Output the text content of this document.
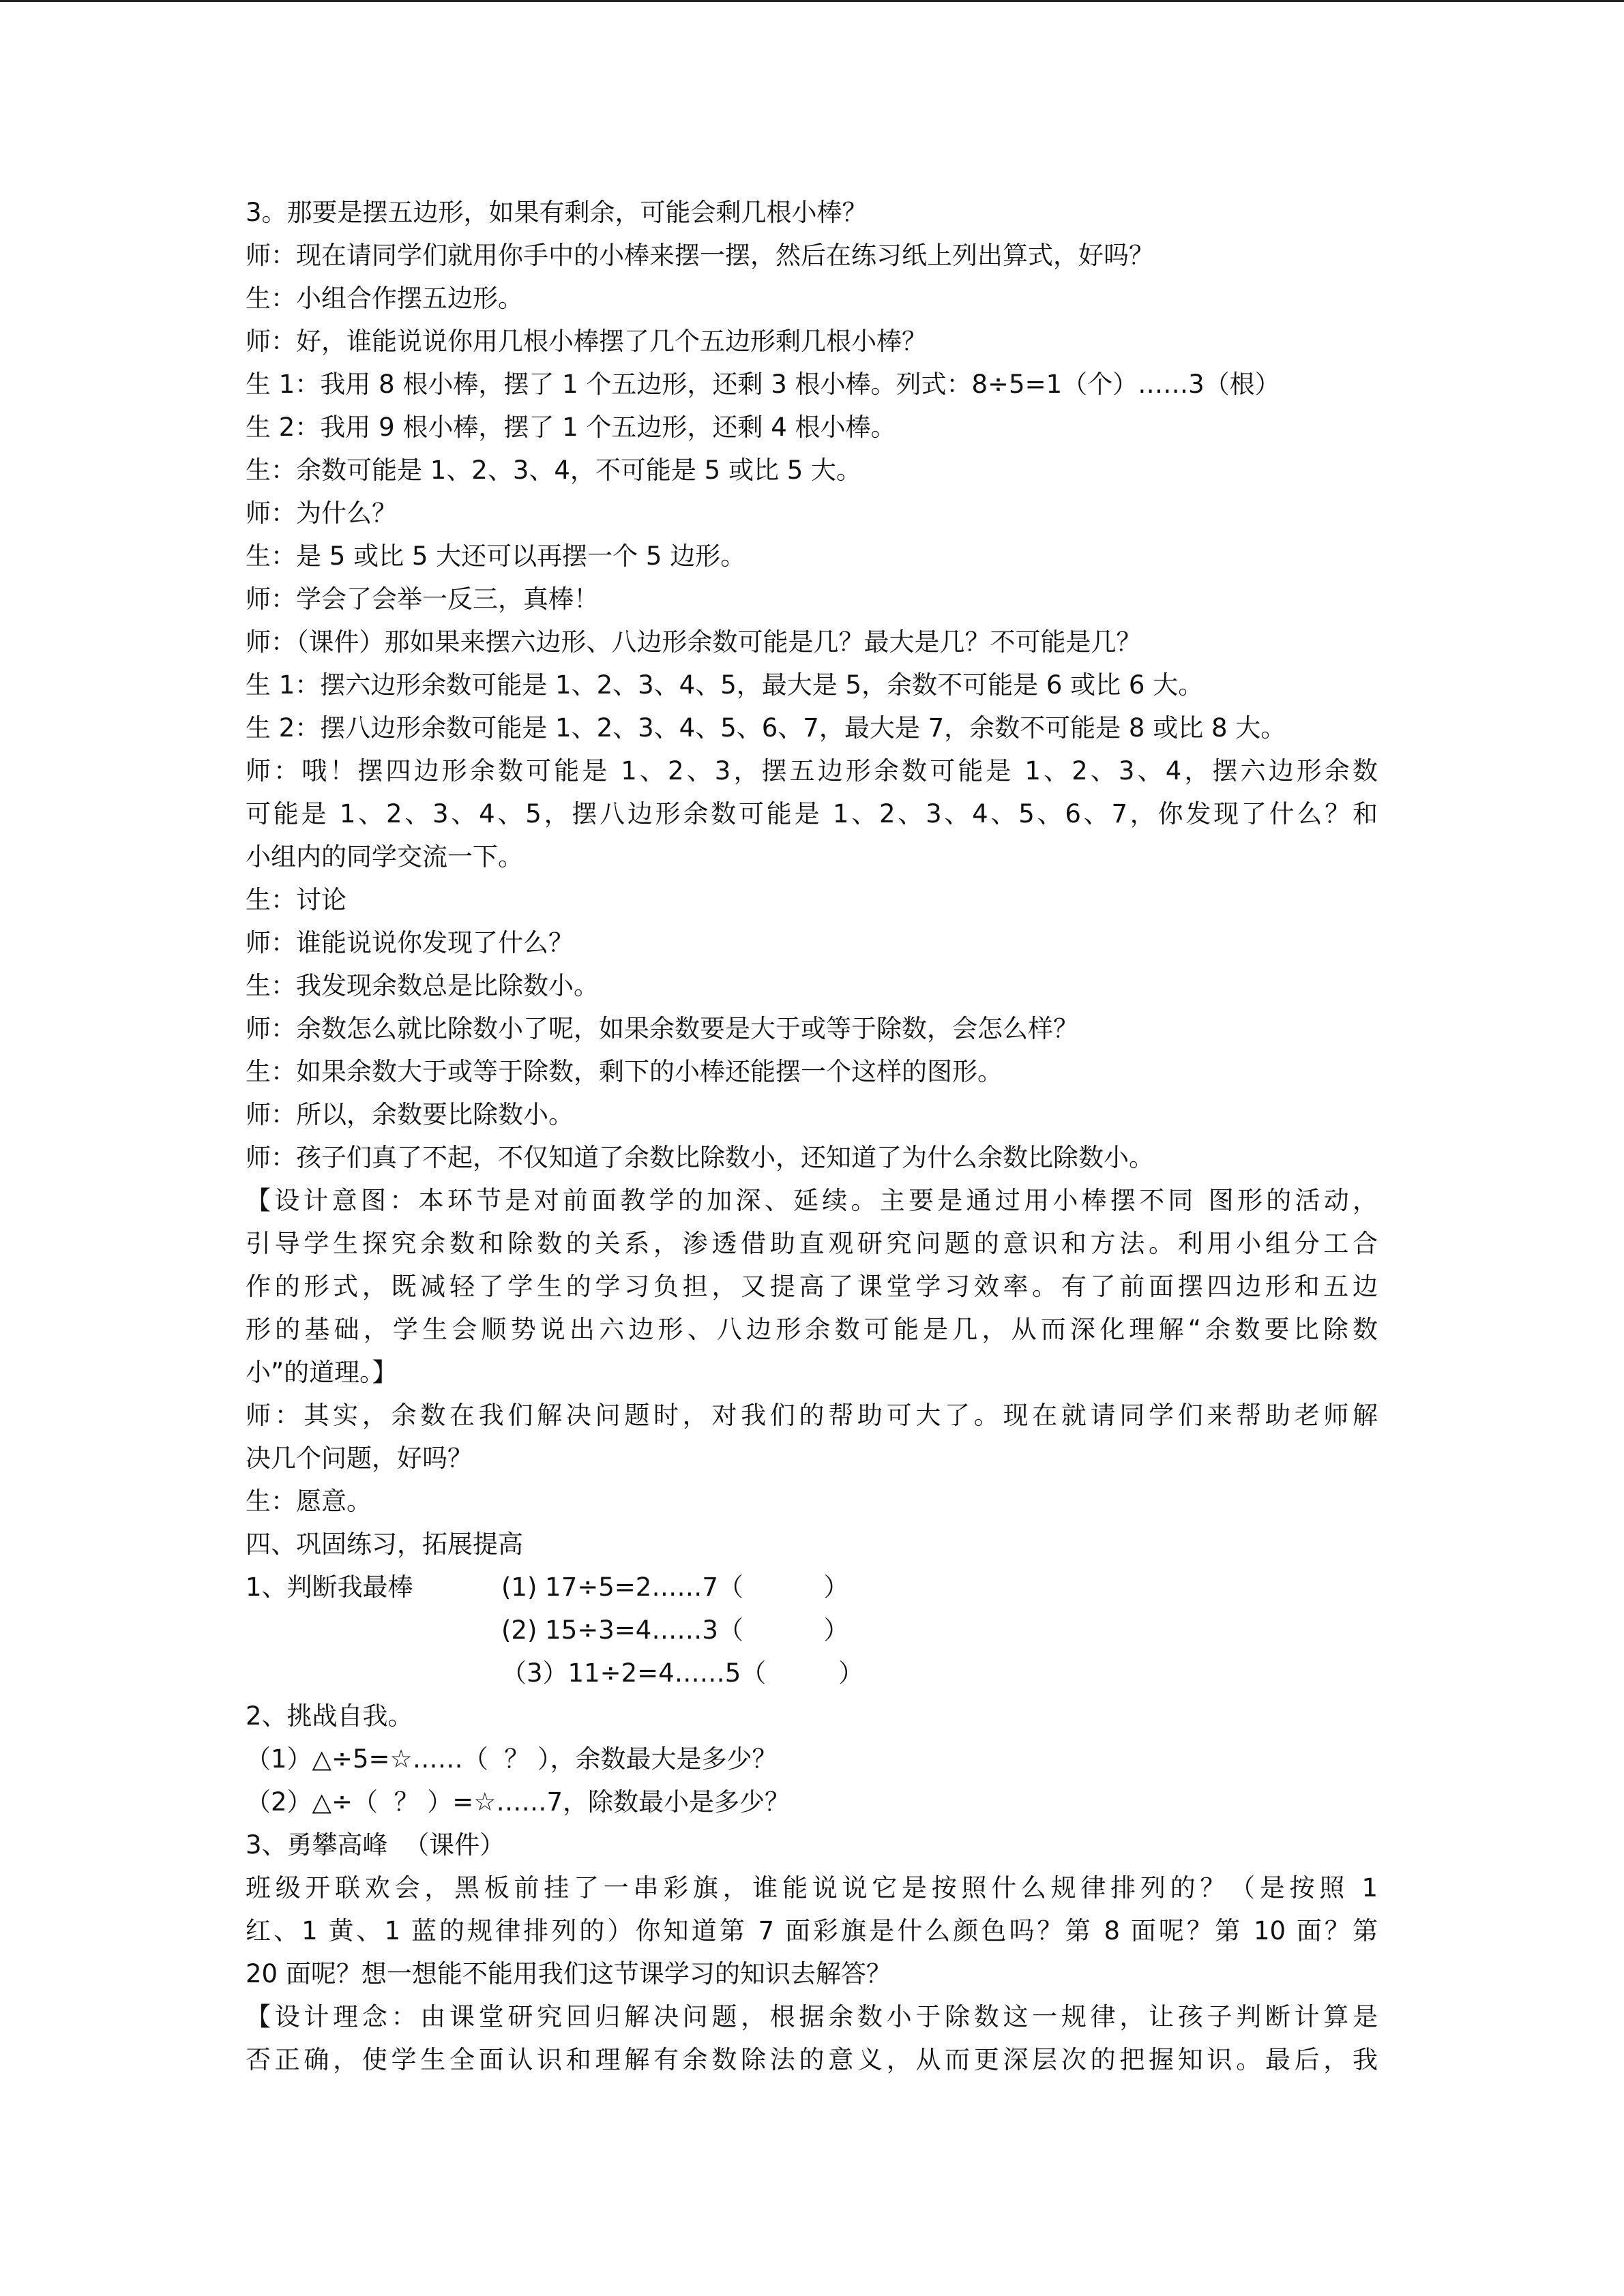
3。那要是摆五边形，如果有剩余，可能会剩几根小棒？
师：现在请同学们就用你手中的小棒来摆一摆，然后在练习纸上列出算式，好吗？
生：小组合作摆五边形。
师：好，谁能说说你用几根小棒摆了几个五边形剩几根小棒？
生 1：我用 8 根小棒，摆了 1 个五边形，还剩 3 根小棒。列式：8÷5=1（个）……3（根）
生 2：我用 9 根小棒，摆了 1 个五边形，还剩 4 根小棒。
生：余数可能是 1、2、3、4，不可能是 5 或比 5 大。
师：为什么？
生：是 5 或比 5 大还可以再摆一个 5 边形。
师：学会了会举一反三，真棒！
师：（课件）那如果来摆六边形、八边形余数可能是几？最大是几？不可能是几？
生 1：摆六边形余数可能是 1、2、3、4、5，最大是 5，余数不可能是 6 或比 6 大。
生 2：摆八边形余数可能是 1、2、3、4、5、6、7，最大是 7，余数不可能是 8 或比 8 大。
师：哦！摆四边形余数可能是 1、2、3，摆五边形余数可能是 1、2、3、4，摆六边形余数
可能是 1、2、3、4、5，摆八边形余数可能是 1、2、3、4、5、6、7，你发现了什么？和
小组内的同学交流一下。
生：讨论
师：谁能说说你发现了什么？
生：我发现余数总是比除数小。
师：余数怎么就比除数小了呢，如果余数要是大于或等于除数，会怎么样？
生：如果余数大于或等于除数，剩下的小棒还能摆一个这样的图形。
师：所以，余数要比除数小。
师：孩子们真了不起，不仅知道了余数比除数小，还知道了为什么余数比除数小。
【设计意图：本环节是对前面教学的加深、延续。主要是通过用小棒摆不同 图形的活动，
引导学生探究余数和除数的关系，渗透借助直观研究问题的意识和方法。利用小组分工合
作的形式，既减轻了学生的学习负担，又提高了课堂学习效率。有了前面摆四边形和五边
形的基础，学生会顺势说出六边形、八边形余数可能是几，从而深化理解“余数要比除数
小”的道理。】
师：其实，余数在我们解决问题时，对我们的帮助可大了。现在就请同学们来帮助老师解
决几个问题，好吗？
生：愿意。
四、巩固练习，拓展提高

1、判断我最棒

	(1) 17÷5=2……7（          ）

(2) 15÷3=4……3（          ）

（3）11÷2=4……5（         ）

2、挑战自我。
（1）△÷5=☆……（  ？ ），余数最大是多少？
（2）△÷（  ？ ）=☆……7，除数最小是多少？
3、勇攀高峰  （课件）
班级开联欢会，黑板前挂了一串彩旗，谁能说说它是按照什么规律排列的？（是按照 1
红、1 黄、1 蓝的规律排列的）你知道第 7 面彩旗是什么颜色吗？第 8 面呢？第 10 面？第
20 面呢？想一想能不能用我们这节课学习的知识去解答？
【设计理念：由课堂研究回归解决问题，根据余数小于除数这一规律，让孩子判断计算是
否正确，使学生全面认识和理解有余数除法的意义，从而更深层次的把握知识。最后，我
